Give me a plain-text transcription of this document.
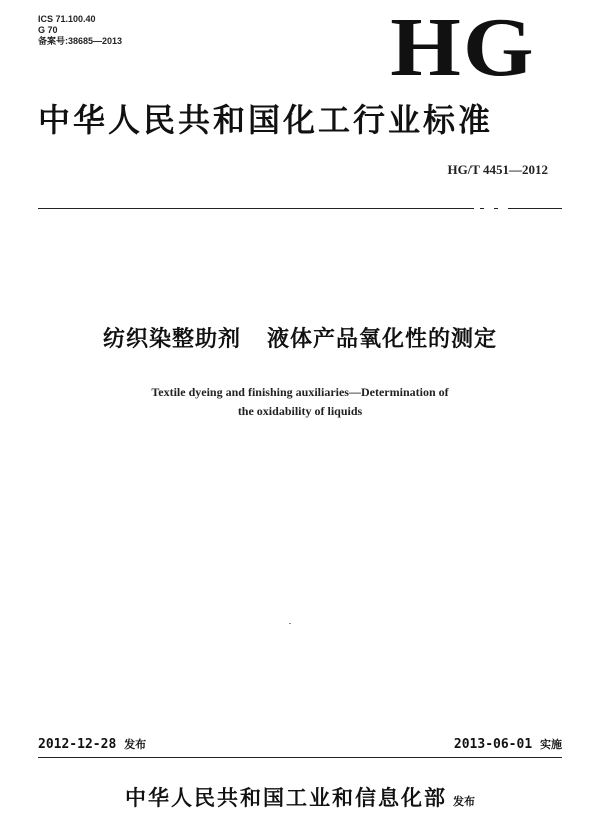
ICS 71.100.40
G 70
备案号:38685—2013	HG
中华人民共和国化工行业标准
HG/T 4451—2012
纺织染整助剂   液体产品氧化性的测定
Textile dyeing and finishing auxiliaries—Determination of
the oxidability of liquids
2012-12-28 发布	2013-06-01 实施
中华人民共和国工业和信息化部 发布
